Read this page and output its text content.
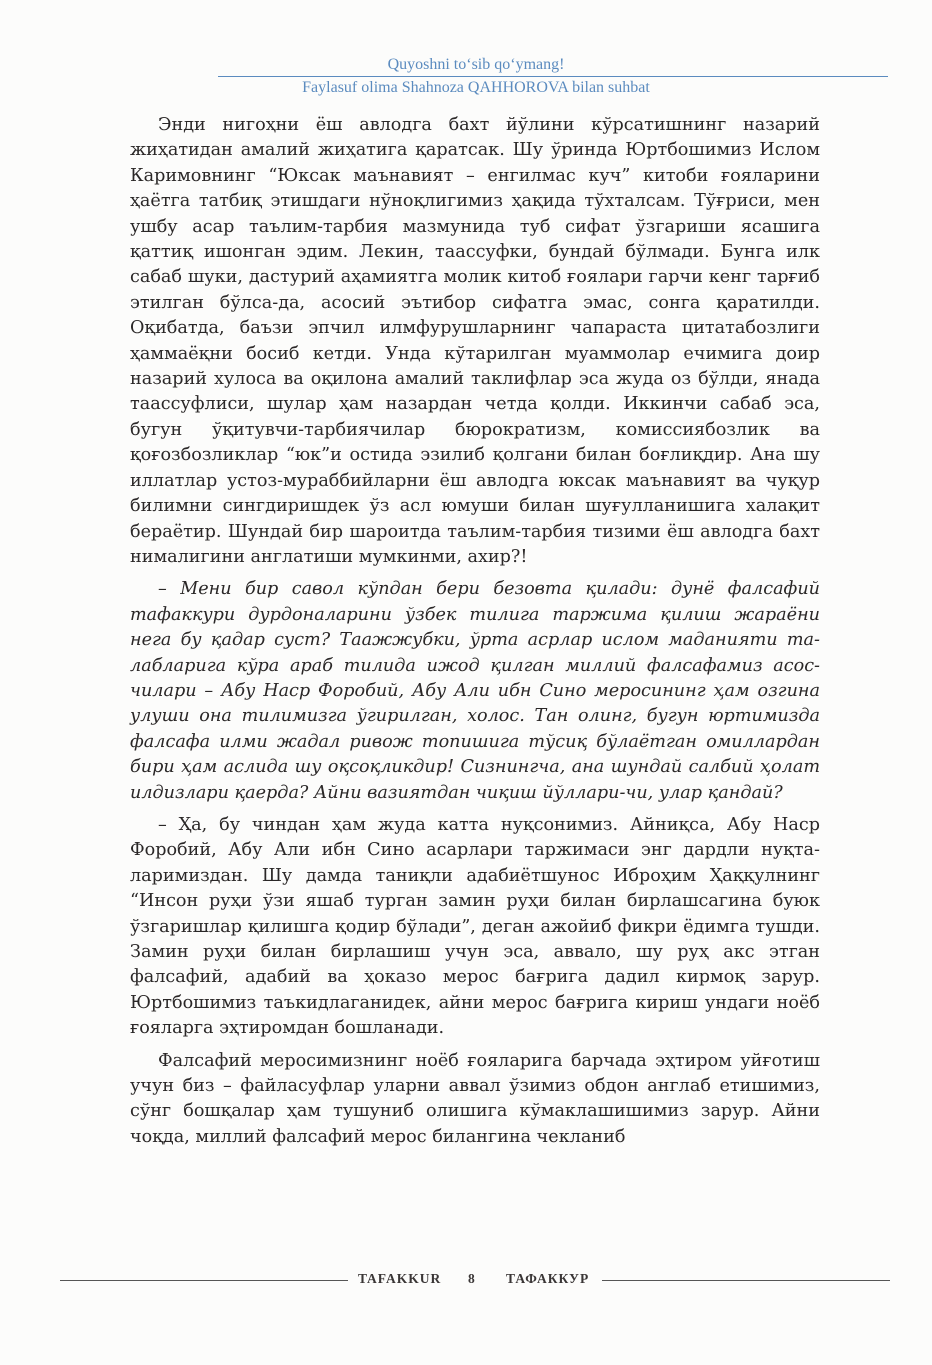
Quyoshni to‘sib qo‘ymang!
Faylasuf olima Shahnoza QAHHOROVA bilan suhbat

Энди нигоҳни ёш авлодга бахт йўлини кўрсатишнинг назарий жиҳатидан амалий жиҳатига қаратсак. Шу ўринда Юртбошимиз Ислом Каримовнинг “Юксак маънавият – енгилмас куч” китоби ғояларини ҳаётга татбиқ этишдаги нўноқлигимиз ҳақида тўхталсам. Тўғриси, мен ушбу асар таълим-тарбия мазмунида туб сифат ўзгариши ясашига қаттиқ ишонган эдим. Лекин, таассуфки, бундай бўлмади. Бунга илк сабаб шуки, дастурий аҳамиятга молик китоб ғоялари гарчи кенг тарғиб этилган бўлса-да, асосий эътибор сифатга эмас, сонга қаратилди. Оқибатда, баъзи эпчил илмфурушларнинг чапараста цитатабозлиги ҳаммаёқни босиб кетди. Унда кўтарилган муаммолар ечимига доир назарий хулоса ва оқилона амалий таклифлар эса жуда оз бўлди, янада таассуфлиси, шулар ҳам назардан четда қолди. Иккинчи сабаб эса, бугун ўқитувчи-тарбиячилар бюрократизм, комиссиябозлик ва қоғозбозликлар “юк”и остида эзилиб қолгани билан боғлиқдир. Ана шу иллатлар устоз-мураббийларни ёш авлодга юксак маънавият ва чуқур билимни сингдиришдек ўз асл юмуши билан шуғулланишига халақит бераётир. Шундай бир шароитда таълим-тарбия тизими ёш авлодга бахт нималигини англатиши мумкинми, ахир?!

– Мени бир савол кўпдан бери безовта қилади: дунё фалсафий тафаккури дурдоналарини ўзбек тилига таржима қилиш жараёни нега бу қадар суст? Таажжубки, ўрта асрлар ислом маданияти талабларига кўра араб тилида ижод қилган миллий фалсафамиз асосчилари – Абу Наср Форобий, Абу Али ибн Сино меросининг ҳам озгина улуши она тилимизга ўгирилган, холос. Тан олинг, бугун юртимизда фалсафа илми жадал ривож топишига тўсиқ бўлаётган омиллардан бири ҳам аслида шу оқсоқликдир! Сизнингча, ана шундай салбий ҳолат илдизлари қаерда? Айни вазиятдан чиқиш йўллари-чи, улар қандай?

– Ҳа, бу чиндан ҳам жуда катта нуқсонимиз. Айниқса, Абу Наср Форобий, Абу Али ибн Сино асарлари таржимаси энг дардли нуқталаримиздан. Шу дамда таниқли адабиётшунос Иброҳим Ҳаққулнинг “Инсон руҳи ўзи яшаб турган замин руҳи билан бирлашсагина буюк ўзгаришлар қилишга қодир бўлади”, деган ажойиб фикри ёдимга тушди. Замин руҳи билан бирлашиш учун эса, аввало, шу руҳ акс этган фалсафий, адабий ва ҳоказо мерос бағрига дадил кирмоқ зарур. Юртбошимиз таъкидлаганидек, айни мерос бағрига кириш ундаги ноёб ғояларга эҳтиромдан бошланади.

Фалсафий меросимизнинг ноёб ғояларига барчада эҳтиром уйғотиш учун биз – файласуфлар уларни аввал ўзимиз обдон англаб етишимиз, сўнг бошқалар ҳам тушуниб олишига кўмаклашишимиз зарур. Айни чоқда, миллий фалсафий мерос билангина чекланиб

TAFAKKUR 8 ТАФАККУР
